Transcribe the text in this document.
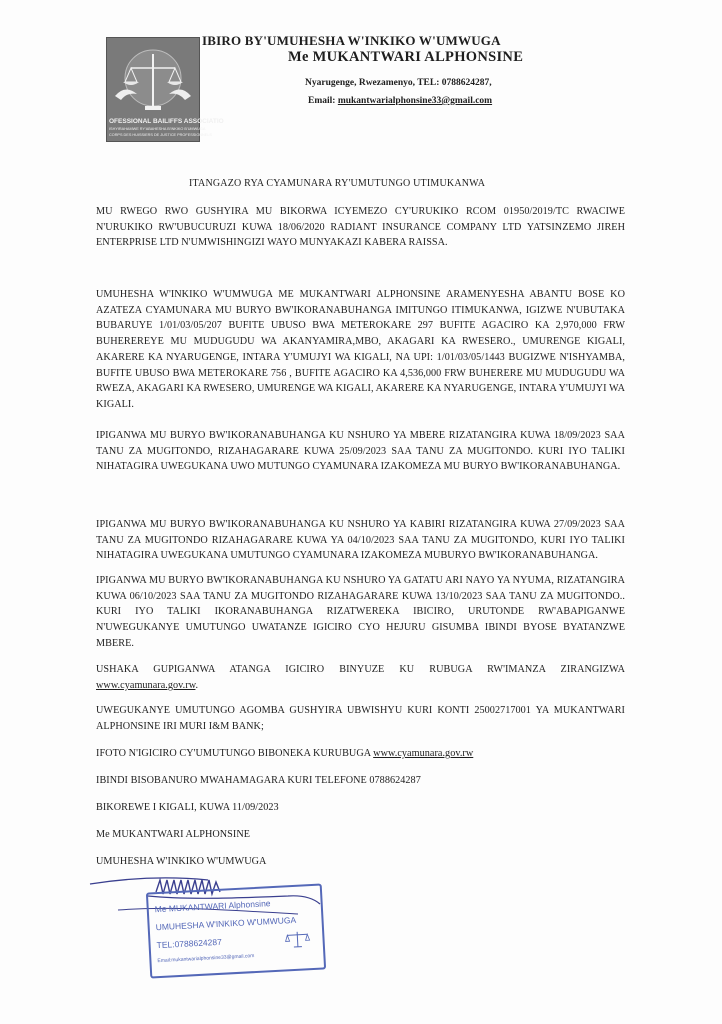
OFESSIONAL BAILIFFS ASSOCIATIO
ISHYIRAHAMWE RY'ABAHESHA B'INKIKO B'UMWUGA
CORPS DES HUISSIERS DE JUSTICE PROFESSIONNELS
IBIRO BY'UMUHESHA W'INKIKO W'UMWUGA
Me MUKANTWARI ALPHONSINE
Nyarugenge, Rwezamenyo, TEL: 0788624287,
Email: mukantwarialphonsine33@gmail.com
ITANGAZO RYA CYAMUNARA RY'UMUTUNGO UTIMUKANWA
MU RWEGO RWO GUSHYIRA MU BIKORWA ICYEMEZO CY'URUKIKO RCOM 01950/2019/TC RWACIWE N'URUKIKO RW'UBUCURUZI KUWA 18/06/2020 RADIANT INSURANCE COMPANY LTD YATSINZEMO JIREH ENTERPRISE LTD N'UMWISHINGIZI WAYO MUNYAKAZI KABERA RAISSA.
UMUHESHA W'INKIKO W'UMWUGA ME MUKANTWARI ALPHONSINE ARAMENYESHA ABANTU BOSE KO AZATEZA CYAMUNARA MU BURYO BW'IKORANABUHANGA IMITUNGO ITIMUKANWA, IGIZWE N'UBUTAKA BUBARUYE 1/01/03/05/207 BUFITE UBUSO BWA METEROKARE 297 BUFITE AGACIRO KA 2,970,000 FRW BUHEREREYE MU MUDUGUDU WA AKANYAMIRA,MBO, AKAGARI KA RWESERO., UMURENGE KIGALI, AKARERE KA NYARUGENGE, INTARA Y'UMUJYI WA KIGALI, NA UPI: 1/01/03/05/1443 BUGIZWE N'ISHYAMBA, BUFITE UBUSO BWA METEROKARE 756 , BUFITE AGACIRO KA 4,536,000 FRW BUHERERE MU MUDUGUDU WA RWEZA, AKAGARI KA RWESERO, UMURENGE WA KIGALI, AKARERE KA NYARUGENGE, INTARA Y'UMUJYI WA KIGALI.
IPIGANWA MU BURYO BW'IKORANABUHANGA KU NSHURO YA MBERE RIZATANGIRA KUWA 18/09/2023 SAA TANU ZA MUGITONDO, RIZAHAGARARE KUWA 25/09/2023 SAA TANU ZA MUGITONDO. KURI IYO TALIKI NIHATAGIRA UWEGUKANA UWO MUTUNGO CYAMUNARA IZAKOMEZA MU BURYO BW'IKORANABUHANGA.
IPIGANWA MU BURYO BW'IKORANABUHANGA KU NSHURO YA KABIRI RIZATANGIRA KUWA 27/09/2023 SAA TANU ZA MUGITONDO RIZAHAGARARE KUWA YA 04/10/2023 SAA TANU ZA MUGITONDO, KURI IYO TALIKI NIHATAGIRA UWEGUKANA UMUTUNGO CYAMUNARA IZAKOMEZA MUBURYO BW'IKORANABUHANGA.
IPIGANWA MU BURYO BW'IKORANABUHANGA KU NSHURO YA GATATU ARI NAYO YA NYUMA, RIZATANGIRA KUWA 06/10/2023 SAA TANU ZA MUGITONDO RIZAHAGARARE KUWA 13/10/2023 SAA TANU ZA MUGITONDO.. KURI IYO TALIKI IKORANABUHANGA RIZATWEREKA IBICIRO, URUTONDE RW'ABAPIGANWE N'UWEGUKANYE UMUTUNGO UWATANZE IGICIRO CYO HEJURU GISUMBA IBINDI BYOSE BYATANZWE MBERE.
USHAKA GUPIGANWA ATANGA IGICIRO BINYUZE KU RUBUGA RW'IMANZA ZIRANGIZWA www.cyamunara.gov.rw.
UWEGUKANYE UMUTUNGO AGOMBA GUSHYIRA UBWISHYU KURI KONTI 25002717001 YA MUKANTWARI ALPHONSINE IRI MURI I&M BANK;
IFOTO N'IGICIRO CY'UMUTUNGO BIBONEKA KURUBUGA www.cyamunara.gov.rw
IBINDI BISOBANURO MWAHAMAGARA KURI TELEFONE 0788624287
BIKOREWE I KIGALI, KUWA 11/09/2023
Me MUKANTWARI ALPHONSINE
UMUHESHA W'INKIKO W'UMWUGA
Me MUKANTWARI Alphonsine
UMUHESHA W'INKIKO W'UMWUGA
TEL:0788624287
Email:mukantwarialphonsine33@gmail.com
